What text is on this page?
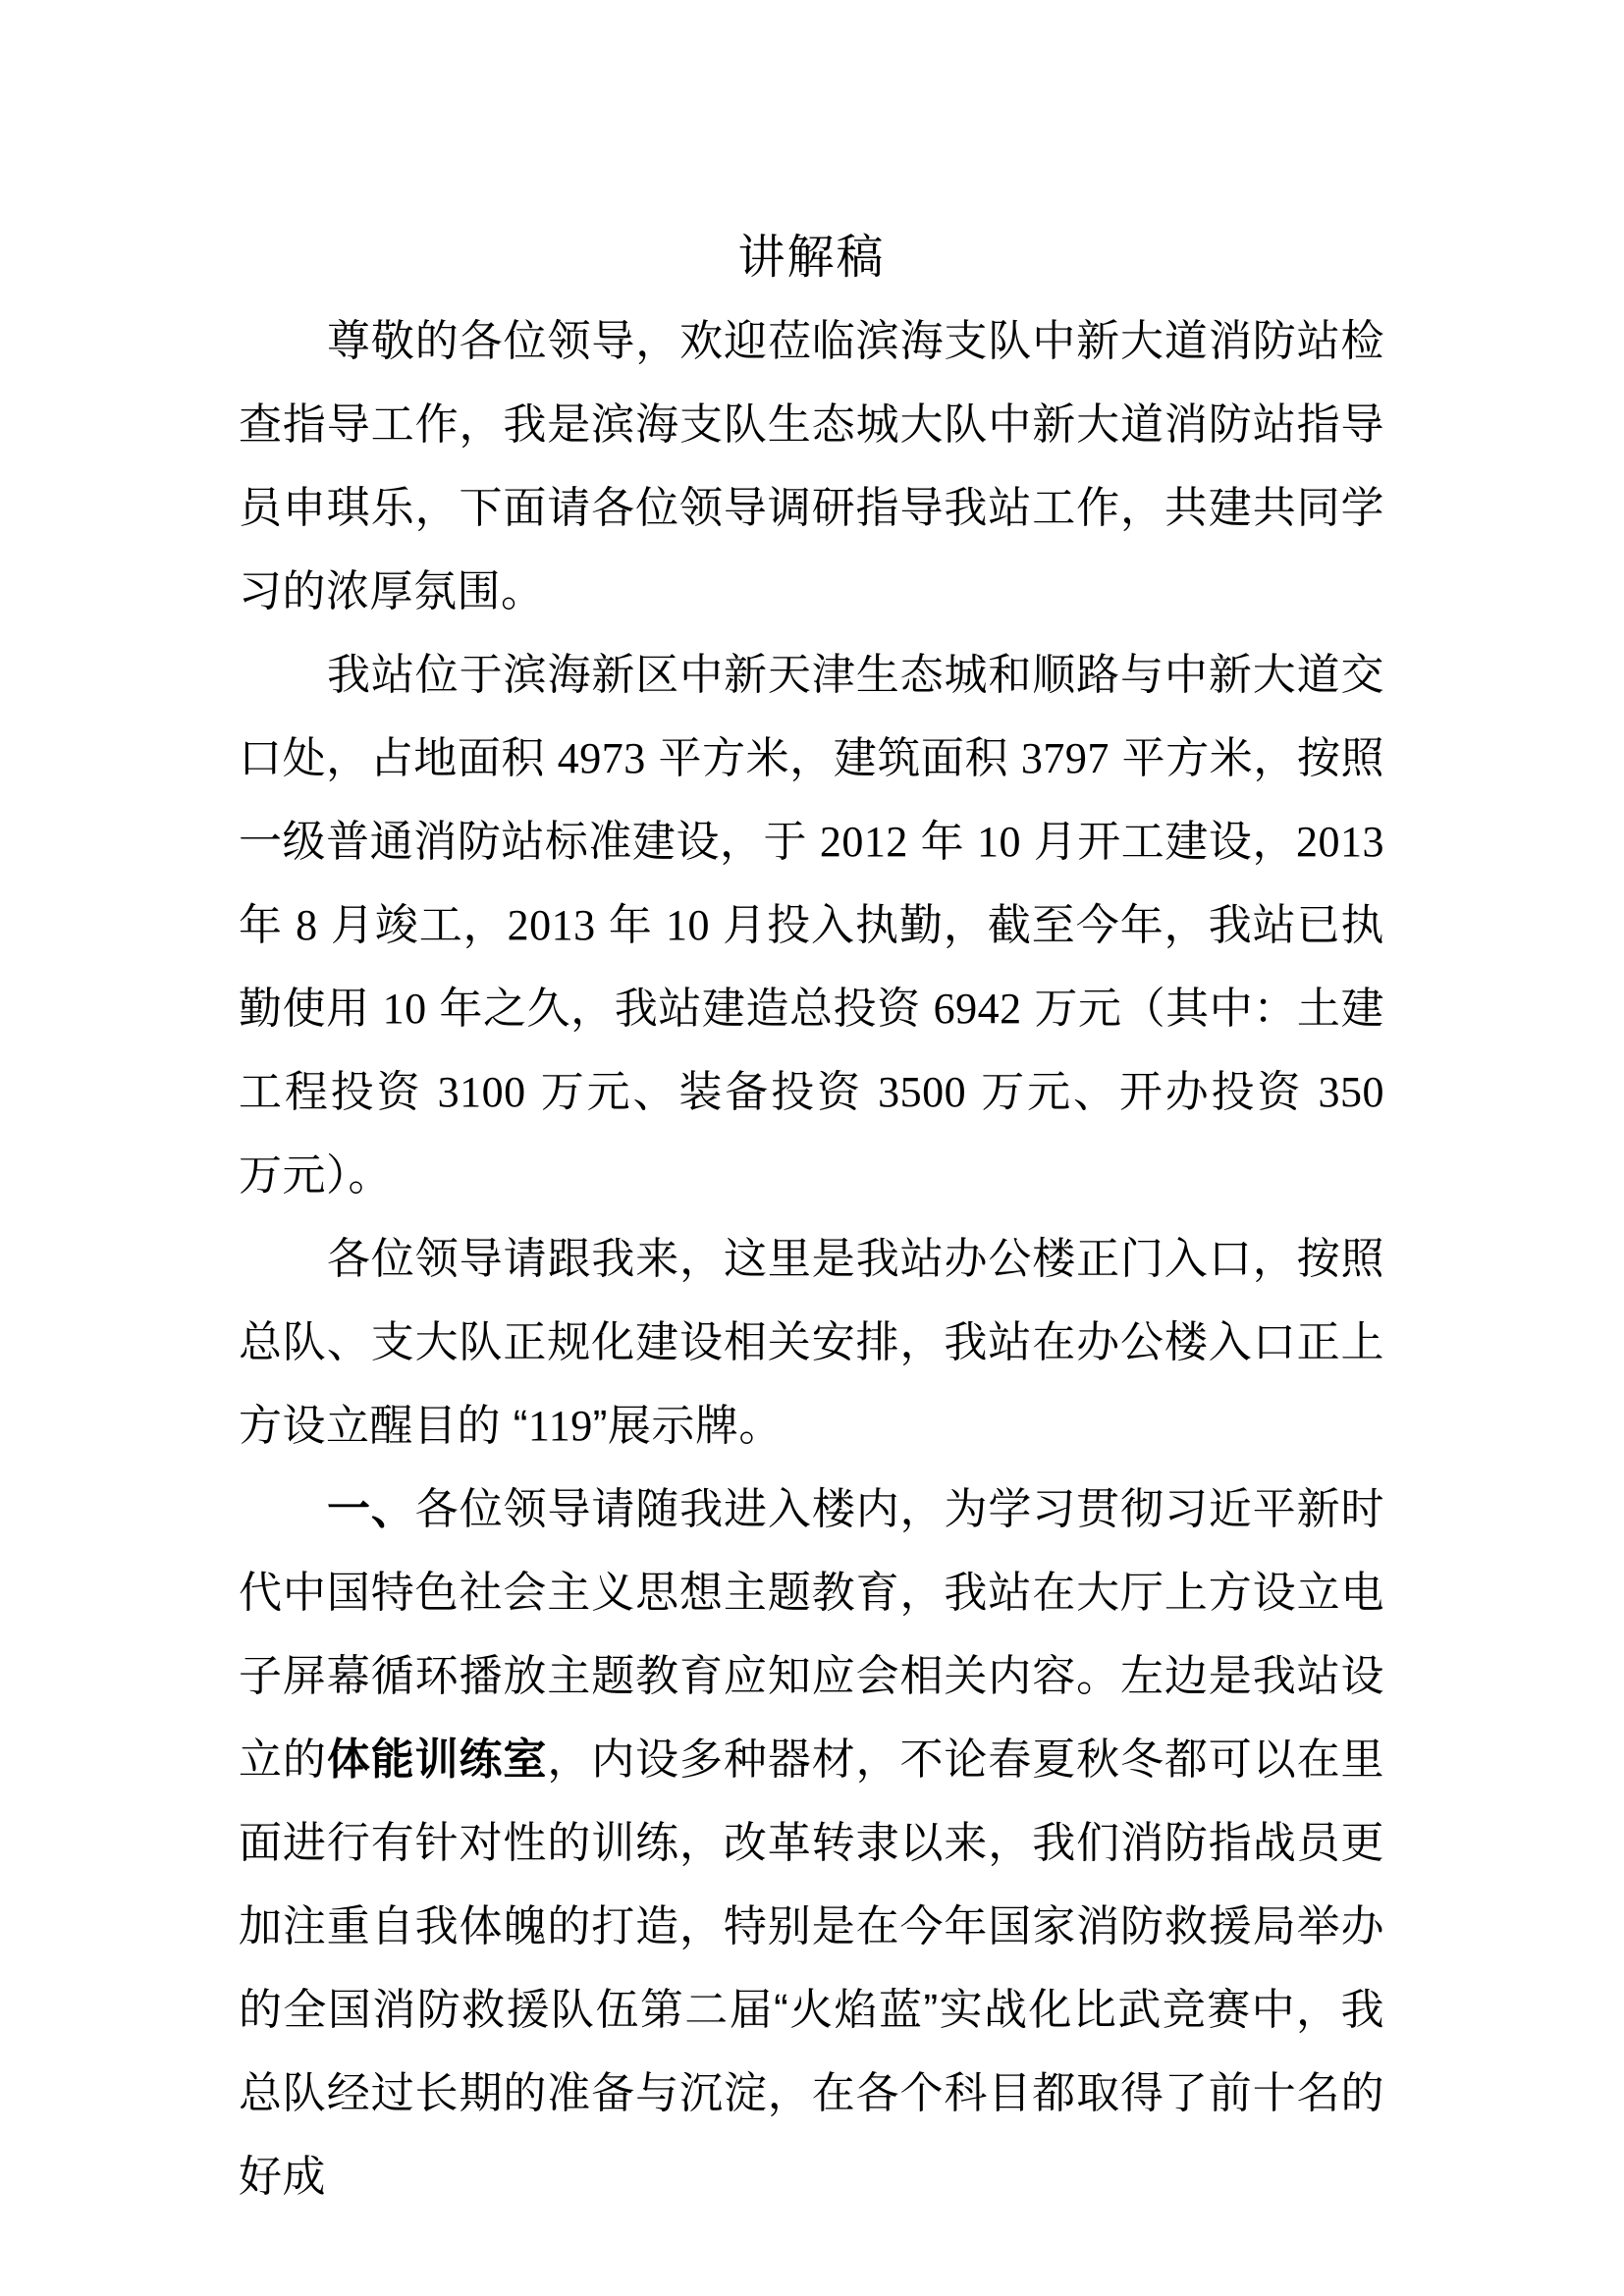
讲解稿

尊敬的各位领导，欢迎莅临滨海支队中新大道消防站检查指导工作，我是滨海支队生态城大队中新大道消防站指导员申琪乐，下面请各位领导调研指导我站工作，共建共同学习的浓厚氛围。

我站位于滨海新区中新天津生态城和顺路与中新大道交口处，占地面积 4973 平方米，建筑面积 3797 平方米，按照一级普通消防站标准建设，于 2012 年 10 月开工建设，2013 年 8 月竣工，2013 年 10 月投入执勤，截至今年，我站已执勤使用 10 年之久，我站建造总投资 6942 万元（其中：土建工程投资 3100 万元、装备投资 3500 万元、开办投资 350 万元）。

各位领导请跟我来，这里是我站办公楼正门入口，按照总队、支大队正规化建设相关安排，我站在办公楼入口正上方设立醒目的 “119”展示牌。

一、各位领导请随我进入楼内，为学习贯彻习近平新时代中国特色社会主义思想主题教育，我站在大厅上方设立电子屏幕循环播放主题教育应知应会相关内容。左边是我站设立的体能训练室，内设多种器材，不论春夏秋冬都可以在里面进行有针对性的训练，改革转隶以来，我们消防指战员更加注重自我体魄的打造，特别是在今年国家消防救援局举办的全国消防救援队伍第二届“火焰蓝”实战化比武竞赛中，我总队经过长期的准备与沉淀，在各个科目都取得了前十名的好成
